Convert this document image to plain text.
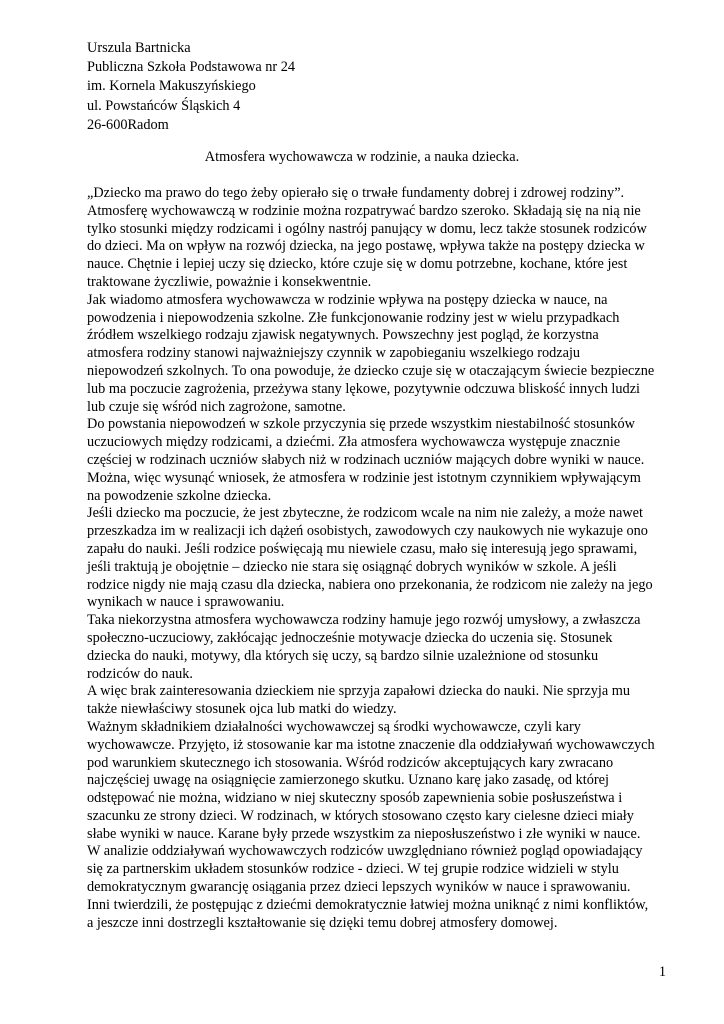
Urszula Bartnicka
Publiczna Szkoła Podstawowa nr 24
im. Kornela Makuszyńskiego
ul. Powstańców Śląskich 4
26-600Radom
Atmosfera wychowawcza w rodzinie, a nauka dziecka.
„Dziecko ma prawo do tego żeby opierało się o trwałe fundamenty dobrej i zdrowej rodziny”.
Atmosferę wychowawczą w rodzinie można rozpatrywać bardzo szeroko. Składają się na nią nie
tylko stosunki między rodzicami i ogólny nastrój panujący w domu, lecz także stosunek rodziców
do dzieci. Ma on wpływ na rozwój dziecka, na jego postawę, wpływa także na postępy dziecka w
nauce. Chętnie i lepiej uczy się dziecko, które czuje się w domu potrzebne, kochane, które jest
traktowane życzliwie, poważnie i konsekwentnie.
Jak wiadomo atmosfera wychowawcza w rodzinie wpływa na postępy dziecka w nauce, na
powodzenia i niepowodzenia szkolne. Złe funkcjonowanie rodziny jest w wielu przypadkach
źródłem wszelkiego rodzaju zjawisk negatywnych. Powszechny jest pogląd, że korzystna
atmosfera rodziny stanowi najważniejszy czynnik w zapobieganiu wszelkiego rodzaju
niepowodzeń szkolnych. To ona powoduje, że dziecko czuje się w otaczającym świecie bezpieczne
lub ma poczucie zagrożenia, przeżywa stany lękowe, pozytywnie odczuwa bliskość innych ludzi
lub czuje się wśród nich zagrożone, samotne.
Do powstania niepowodzeń w szkole przyczynia się przede wszystkim niestabilność stosunków
uczuciowych między rodzicami, a dziećmi. Zła atmosfera wychowawcza występuje znacznie
częściej w rodzinach uczniów słabych niż w rodzinach uczniów mających dobre wyniki w nauce.
Można, więc wysunąć wniosek, że atmosfera w rodzinie jest istotnym czynnikiem wpływającym
na powodzenie szkolne dziecka.
Jeśli dziecko ma poczucie, że jest zbyteczne, że rodzicom wcale na nim nie zależy, a może nawet
przeszkadza im w realizacji ich dążeń osobistych, zawodowych czy naukowych nie wykazuje ono
zapału do nauki. Jeśli rodzice poświęcają mu niewiele czasu, mało się interesują jego sprawami,
jeśli traktują je obojętnie – dziecko nie stara się osiągnąć dobrych wyników w szkole. A jeśli
rodzice nigdy nie mają czasu dla dziecka, nabiera ono przekonania, że rodzicom nie zależy na jego
wynikach w nauce i sprawowaniu.
Taka niekorzystna atmosfera wychowawcza rodziny hamuje jego rozwój umysłowy, a zwłaszcza
społeczno-uczuciowy, zakłócając jednocześnie motywacje dziecka do uczenia się. Stosunek
dziecka do nauki, motywy, dla których się uczy, są bardzo silnie uzależnione od stosunku
rodziców do nauk.
A więc brak zainteresowania dzieckiem nie sprzyja zapałowi dziecka do nauki. Nie sprzyja mu
także niewłaściwy stosunek ojca lub matki do wiedzy.
Ważnym składnikiem działalności wychowawczej są środki wychowawcze, czyli kary
wychowawcze. Przyjęto, iż stosowanie kar ma istotne znaczenie dla oddziaływań wychowawczych
pod warunkiem skutecznego ich stosowania. Wśród rodziców akceptujących kary zwracano
najczęściej uwagę na osiągnięcie zamierzonego skutku. Uznano karę jako zasadę, od której
odstępować nie można, widziano w niej skuteczny sposób zapewnienia sobie posłuszeństwa i
szacunku ze strony dzieci. W rodzinach, w których stosowano często kary cielesne dzieci miały
słabe wyniki w nauce. Karane były przede wszystkim za nieposłuszeństwo i złe wyniki w nauce.
W analizie oddziaływań wychowawczych rodziców uwzględniano również pogląd opowiadający
się za partnerskim układem stosunków rodzice - dzieci. W tej grupie rodzice widzieli w stylu
demokratycznym gwarancję osiągania przez dzieci lepszych wyników w nauce i sprawowaniu.
Inni twierdzili, że postępując z dziećmi demokratycznie łatwiej można uniknąć z nimi konfliktów,
a jeszcze inni dostrzegli kształtowanie się dzięki temu dobrej atmosfery domowej.
1
